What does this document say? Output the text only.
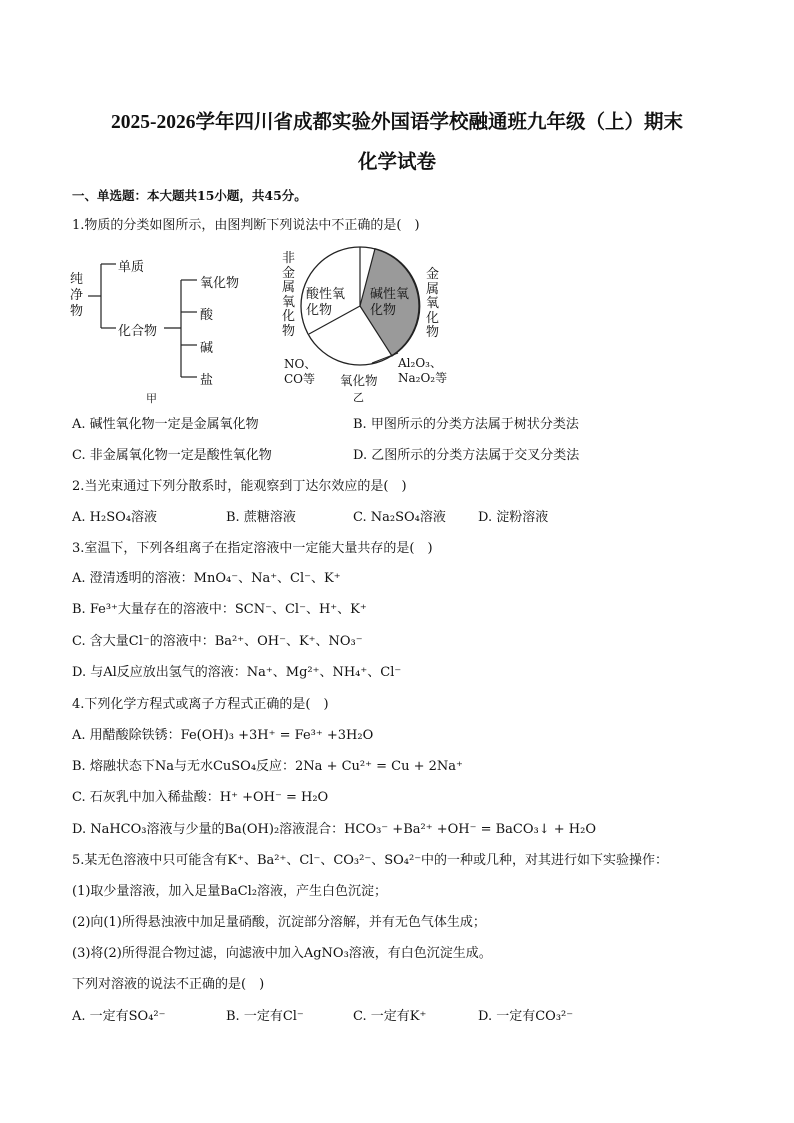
2025-2026学年四川省成都实验外国语学校融通班九年级（上）期末
化学试卷
一、单选题：本大题共15小题，共45分。
1.物质的分类如图所示，由图判断下列说法中不正确的是(　)
纯净物
单质
化合物
氧化物
酸
碱
盐
甲
非金属氧化物
金属氧化物
酸性氧化物
碱性氧化物
NO、CO等	氧化物
Al₂O₃、Na₂O₂等
乙
A. 碱性氧化物一定是金属氧化物	B. 甲图所示的分类方法属于树状分类法
C. 非金属氧化物一定是酸性氧化物	D. 乙图所示的分类方法属于交叉分类法
2.当光束通过下列分散系时，能观察到丁达尔效应的是(　)
A. H₂SO₄溶液	B. 蔗糖溶液	C. Na₂SO₄溶液 D. 淀粉溶液
3.室温下，下列各组离子在指定溶液中一定能大量共存的是(　)
A. 澄清透明的溶液：MnO₄⁻、Na⁺、Cl⁻、K⁺
B. Fe³⁺大量存在的溶液中：SCN⁻、Cl⁻、H⁺、K⁺
C. 含大量Cl⁻的溶液中：Ba²⁺、OH⁻、K⁺、NO₃⁻
D. 与Al反应放出氢气的溶液：Na⁺、Mg²⁺、NH₄⁺、Cl⁻
4.下列化学方程式或离子方程式正确的是(　)
A. 用醋酸除铁锈：Fe(OH)₃ +3H⁺ = Fe³⁺ +3H₂O
B. 熔融状态下Na与无水CuSO₄反应：2Na + Cu²⁺ = Cu + 2Na⁺
C. 石灰乳中加入稀盐酸：H⁺ +OH⁻ = H₂O
D. NaHCO₃溶液与少量的Ba(OH)₂溶液混合：HCO₃⁻ +Ba²⁺ +OH⁻ = BaCO₃↓ + H₂O
5.某无色溶液中只可能含有K⁺、Ba²⁺、Cl⁻、CO₃²⁻、SO₄²⁻中的一种或几种，对其进行如下实验操作：
(1)取少量溶液，加入足量BaCl₂溶液，产生白色沉淀；
(2)向(1)所得悬浊液中加足量硝酸，沉淀部分溶解，并有无色气体生成；
(3)将(2)所得混合物过滤，向滤液中加入AgNO₃溶液，有白色沉淀生成。
下列对溶液的说法不正确的是(　)
A. 一定有SO₄²⁻	B. 一定有Cl⁻	C. 一定有K⁺	D. 一定有CO₃²⁻
